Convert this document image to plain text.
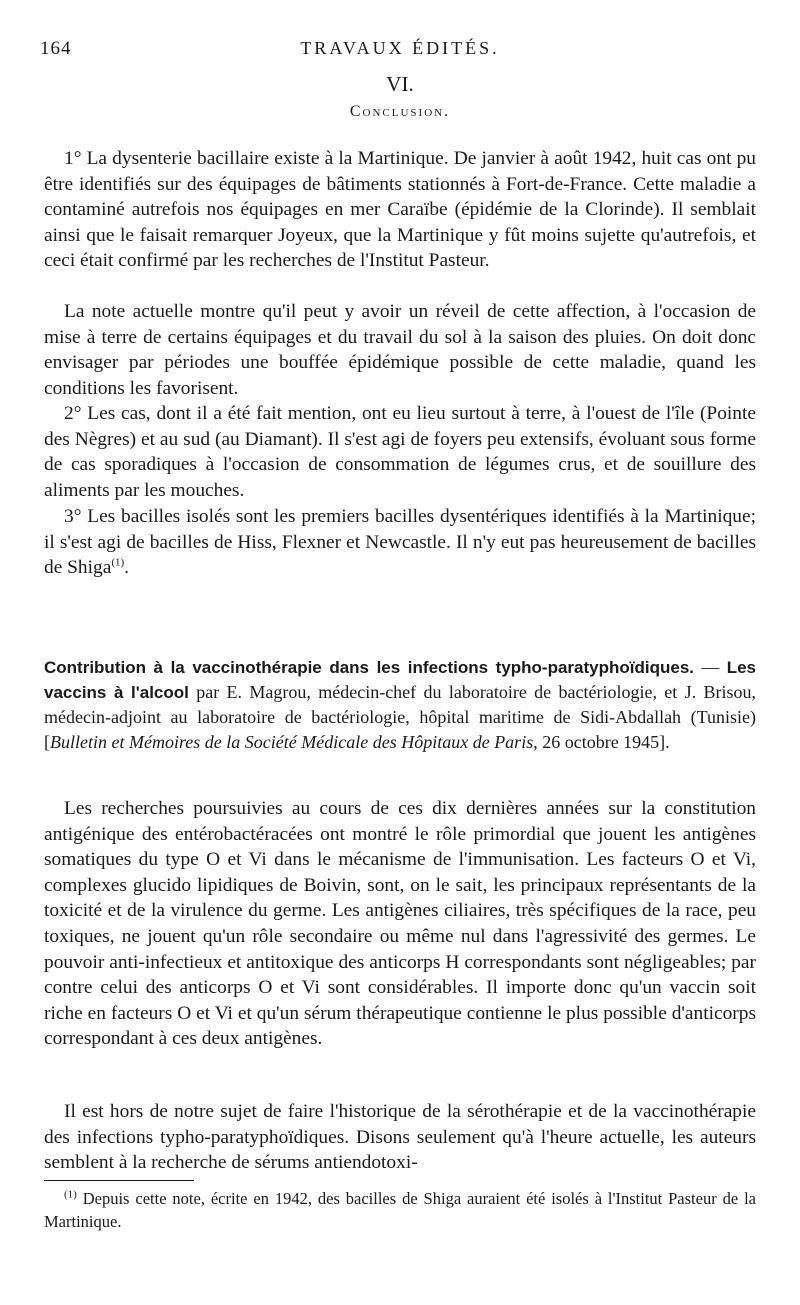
164	TRAVAUX ÉDITÉS.
VI.
Conclusion.

1° La dysenterie bacillaire existe à la Martinique. De janvier à août 1942, huit cas ont pu être identifiés sur des équipages de bâtiments stationnés à Fort-de-France. Cette maladie a contaminé autrefois nos équipages en mer Caraïbe (épidémie de la Clorinde). Il semblait ainsi que le faisait remarquer Joyeux, que la Martinique y fût moins sujette qu'autrefois, et ceci était confirmé par les recherches de l'Institut Pasteur.

La note actuelle montre qu'il peut y avoir un réveil de cette affection, à l'occasion de mise à terre de certains équipages et du travail du sol à la saison des pluies. On doit donc envisager par périodes une bouffée épidémique possible de cette maladie, quand les conditions les favorisent.

2° Les cas, dont il a été fait mention, ont eu lieu surtout à terre, à l'ouest de l'île (Pointe des Nègres) et au sud (au Diamant). Il s'est agi de foyers peu extensifs, évoluant sous forme de cas sporadiques à l'occasion de consommation de légumes crus, et de souillure des aliments par les mouches.

3° Les bacilles isolés sont les premiers bacilles dysentériques identifiés à la Martinique; il s'est agi de bacilles de Hiss, Flexner et Newcastle. Il n'y eut pas heureusement de bacilles de Shiga$^{(1)}$.

Contribution à la vaccinothérapie dans les infections typho-paratyphoïdiques. — Les vaccins à l'alcool par E. Magrou, médecin-chef du laboratoire de bactériologie, et J. Brisou, médecin-adjoint au laboratoire de bactériologie, hôpital maritime de Sidi-Abdallah (Tunisie) [Bulletin et Mémoires de la Société Médicale des Hôpitaux de Paris, 26 octobre 1945].

Les recherches poursuivies au cours de ces dix dernières années sur la constitution antigénique des entérobactéracées ont montré le rôle primordial que jouent les antigènes somatiques du type O et Vi dans le mécanisme de l'immunisation. Les facteurs O et Vi, complexes glucido lipidiques de Boivin, sont, on le sait, les principaux représentants de la toxicité et de la virulence du germe. Les antigènes ciliaires, très spécifiques de la race, peu toxiques, ne jouent qu'un rôle secondaire ou même nul dans l'agressivité des germes. Le pouvoir anti-infectieux et antitoxique des anticorps H correspondants sont négligeables; par contre celui des anticorps O et Vi sont considérables. Il importe donc qu'un vaccin soit riche en facteurs O et Vi et qu'un sérum thérapeutique contienne le plus possible d'anticorps correspondant à ces deux antigènes.

Il est hors de notre sujet de faire l'historique de la sérothérapie et de la vaccinothérapie des infections typho-paratyphoïdiques. Disons seulement qu'à l'heure actuelle, les auteurs semblent à la recherche de sérums antiendotoxi-

$^{(1)}$ Depuis cette note, écrite en 1942, des bacilles de Shiga auraient été isolés à l'Institut Pasteur de la Martinique.
